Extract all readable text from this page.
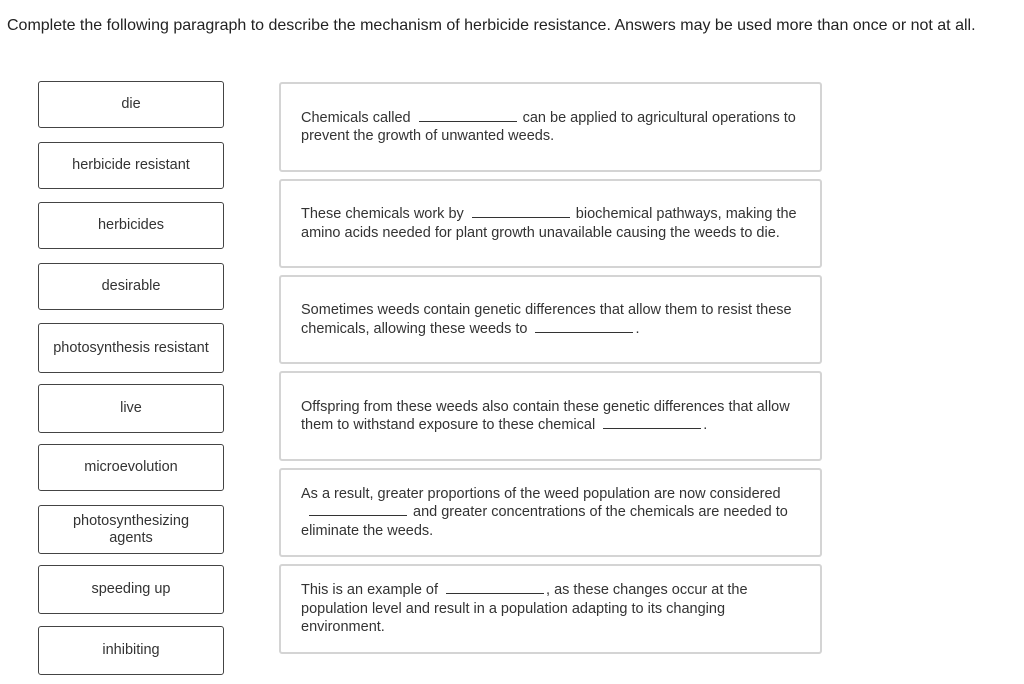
Complete the following paragraph to describe the mechanism of herbicide resistance. Answers may be used more than once or not at all.
die
herbicide resistant
herbicides
desirable
photosynthesis resistant
live
microevolution
photosynthesizing agents
speeding up
inhibiting

Chemicals called	can be applied to agricultural operations to prevent the growth of unwanted weeds.

These chemicals work by	biochemical pathways, making the amino acids needed for plant growth unavailable causing the weeds to die.

Sometimes weeds contain genetic differences that allow them to resist these chemicals, allowing these weeds to	.

Offspring from these weeds also contain these genetic differences that allow them to withstand exposure to these chemical	.

As a result, greater proportions of the weed population are now consideredand greater concentrations of the chemicals are needed to eliminate the weeds.

This is an example of	, as these changes occur at the population level and result in a population adapting to its changing environment.
